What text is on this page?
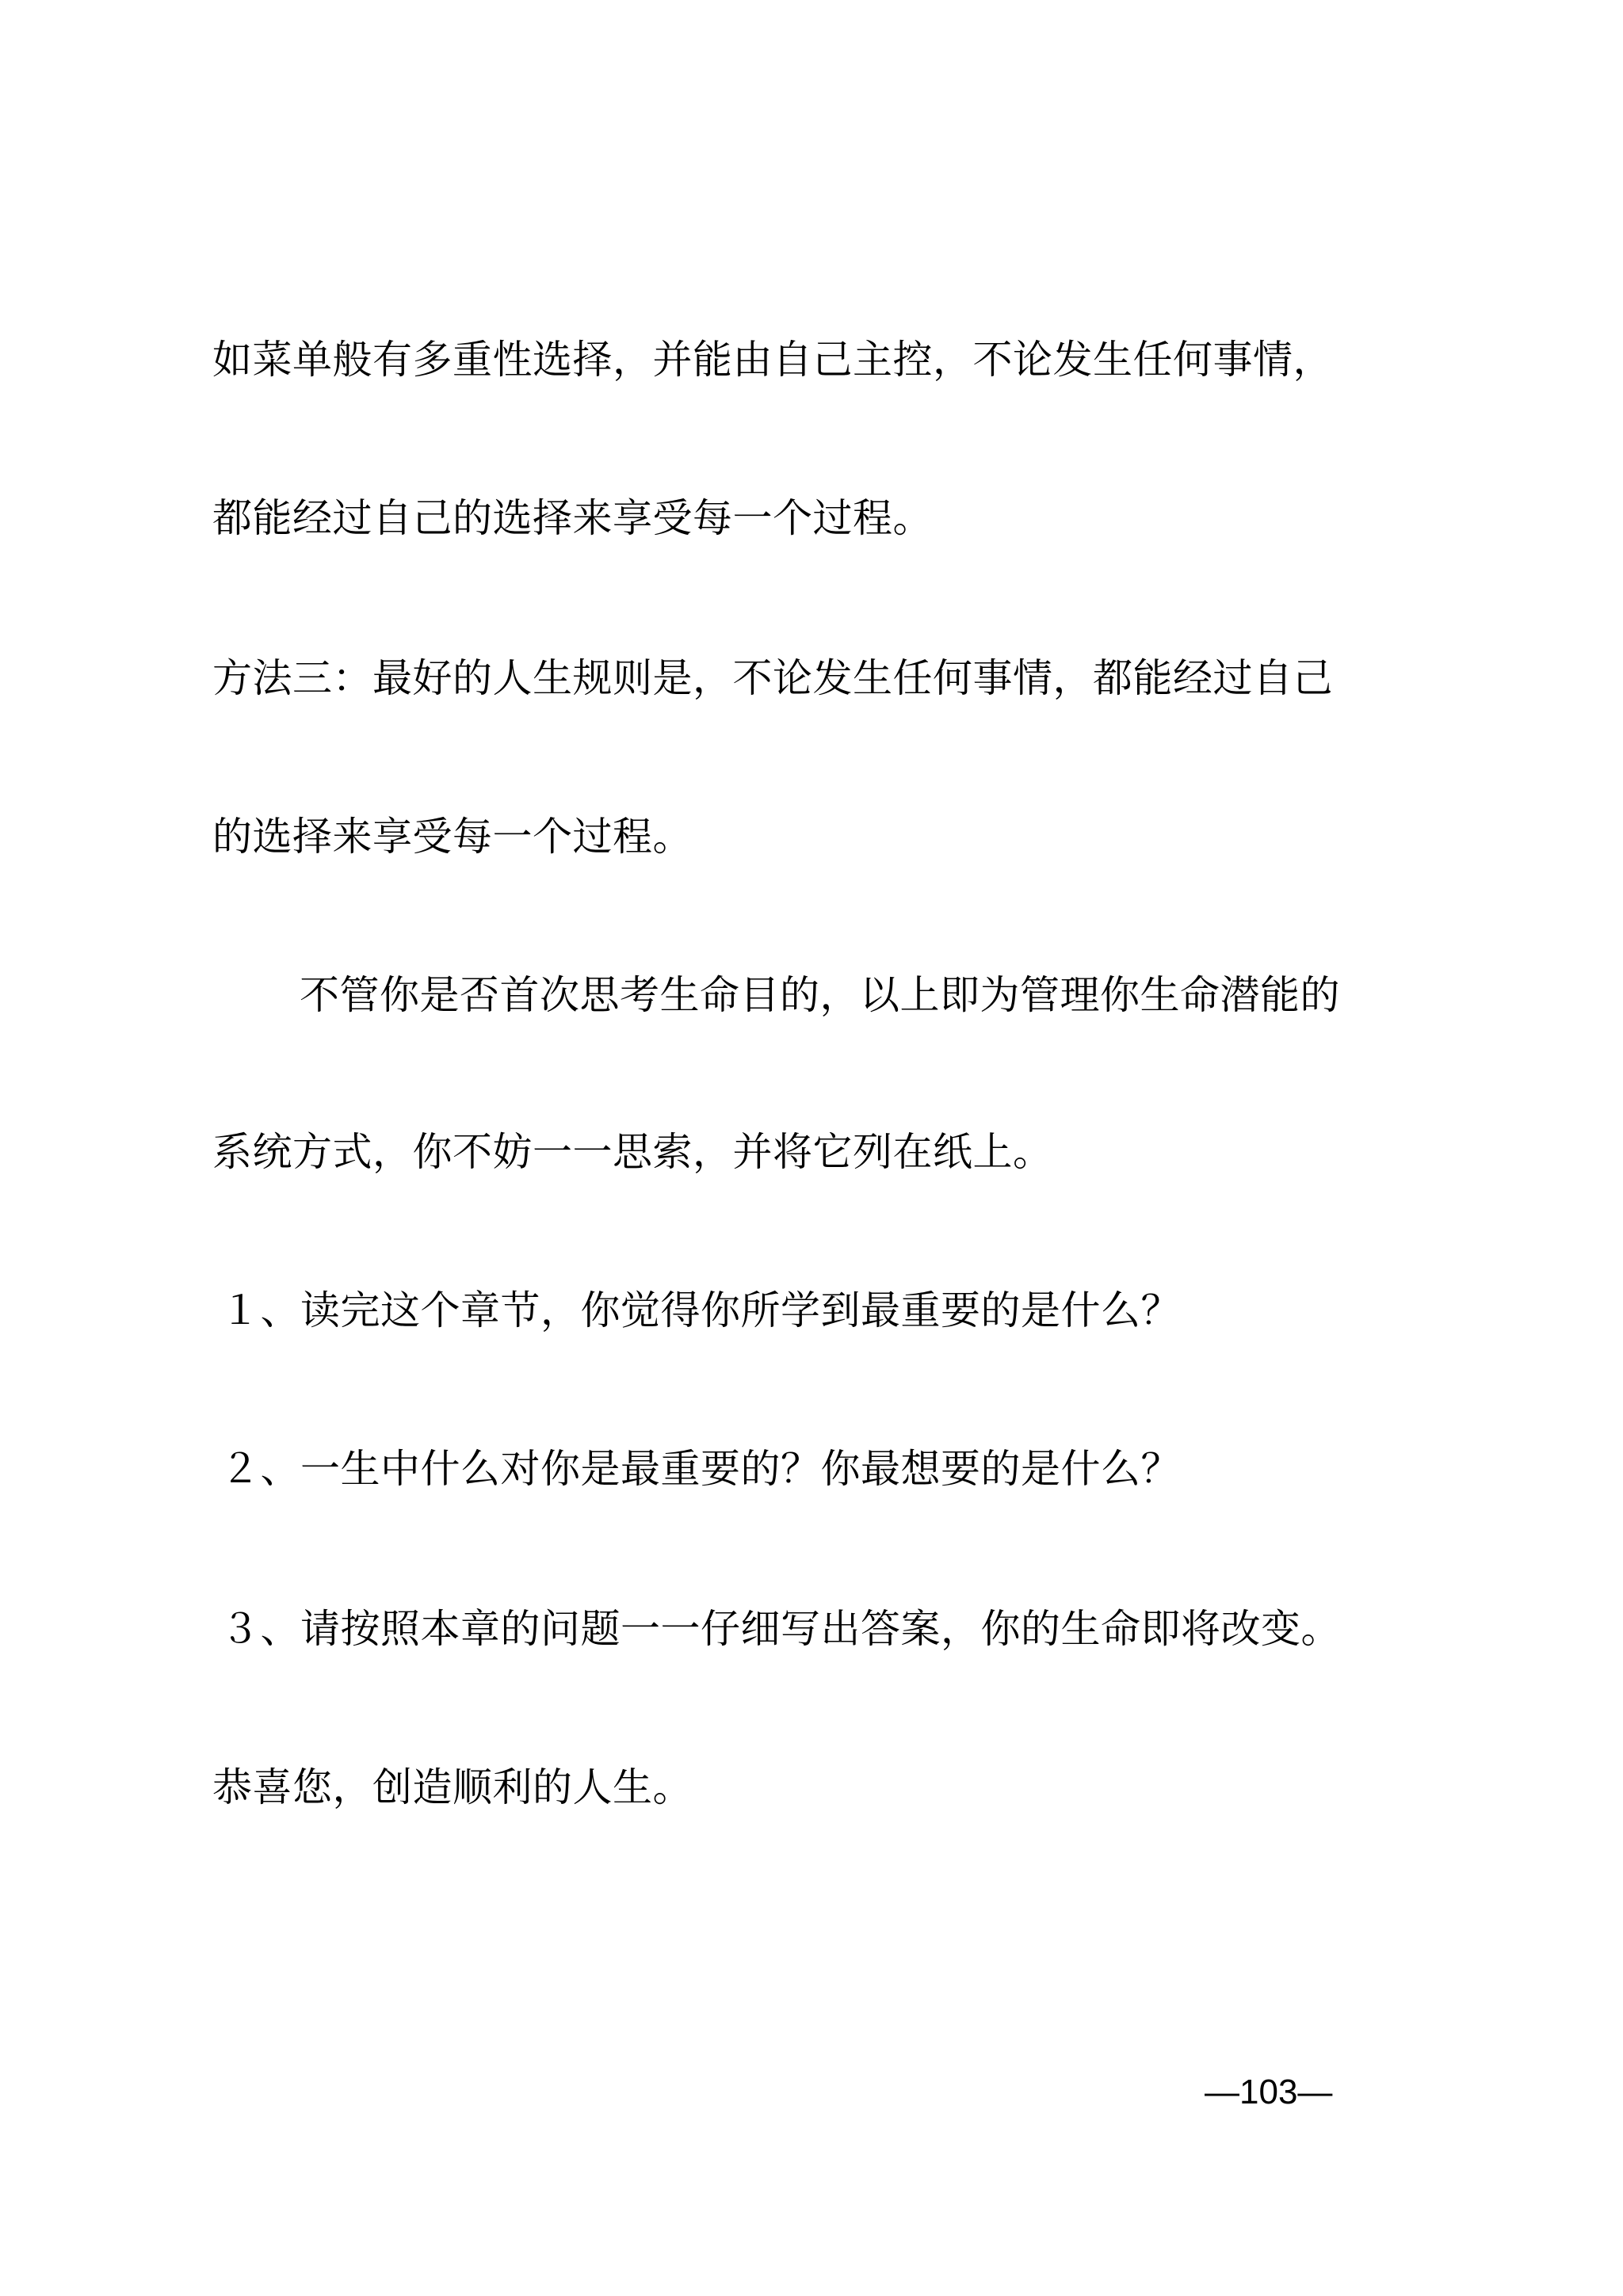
如菜单般有多重性选择，并能由自己主控，不论发生任何事情，
都能经过自己的选择来享受每一个过程。
方法三：最好的人生规则是，不论发生任何事情，都能经过自己
的选择来享受每一个过程。
不管你是否首次思考生命目的，以上即为管理你生命潜能的
系统方式，你不妨一一思索，并将它列在纸上。
１、读完这个章节，你觉得你所学到最重要的是什么？
２、一生中什么对你是最重要的？你最想要的是什么？
３、请按照本章的问题一一仔细写出答案，你的生命即将改变。
恭喜您，创造顺利的人生。
—103—
